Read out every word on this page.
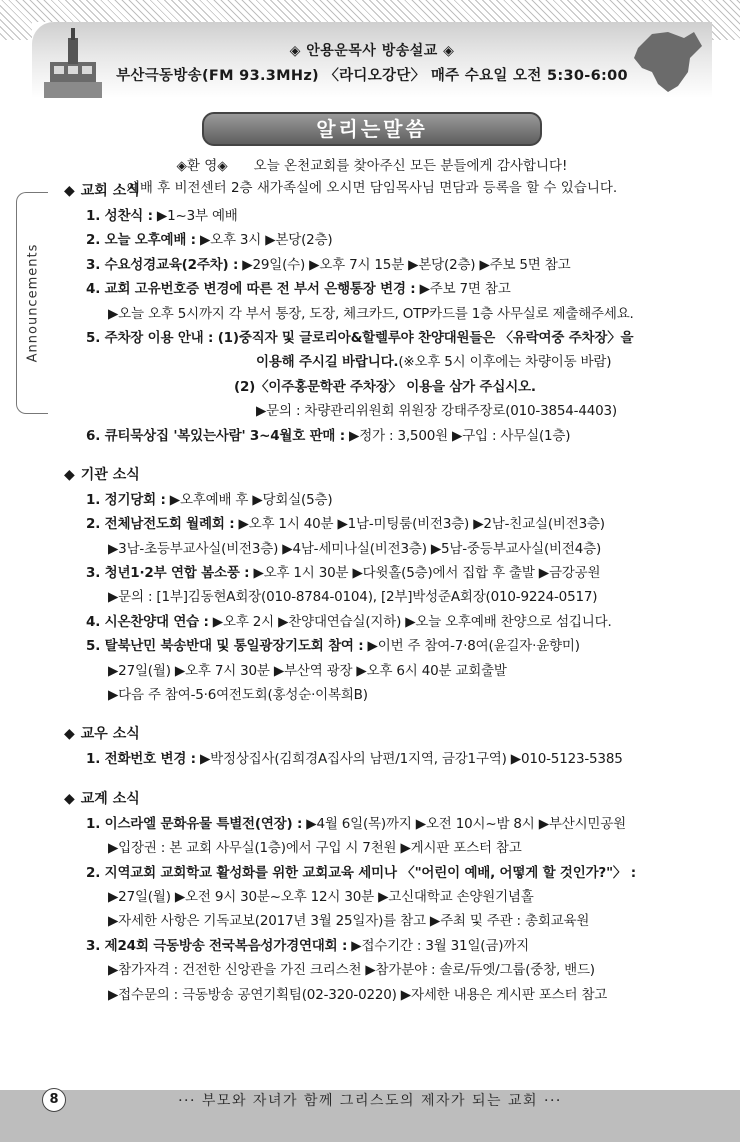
◈ 안용운목사 방송설교 ◈
부산극동방송(FM 93.3MHz) 〈라디오강단〉 매주 수요일 오전 5:30-6:00
알리는말씀
◈환 영◈ 오늘 온천교회를 찾아주신 모든 분들에게 감사합니다!
예배 후 비전센터 2층 새가족실에 오시면 담임목사님 면담과 등록을 할 수 있습니다.
Announcements
◆ 교회 소식
1. 성찬식 : ▶1~3부 예배
2. 오늘 오후예배 : ▶오후 3시 ▶본당(2층)
3. 수요성경교육(2주차) : ▶29일(수) ▶오후 7시 15분 ▶본당(2층) ▶주보 5면 참고
4. 교회 고유번호증 변경에 따른 전 부서 은행통장 변경 : ▶주보 7면 참고
▶오늘 오후 5시까지 각 부서 통장, 도장, 체크카드, OTP카드를 1층 사무실로 제출해주세요.
5. 주차장 이용 안내 : (1)중직자 및 글로리아&할렐루야 찬양대원들은 〈유락여중 주차장〉을
이용해 주시길 바랍니다.(※오후 5시 이후에는 차량이동 바람)
(2)〈이주홍문학관 주차장〉 이용을 삼가 주십시오.
▶문의 : 차량관리위원회 위원장 강태주장로(010-3854-4403)
6. 큐티묵상집 '복있는사람' 3~4월호 판매 : ▶정가 : 3,500원 ▶구입 : 사무실(1층)
◆ 기관 소식
1. 정기당회 : ▶오후예배 후 ▶당회실(5층)
2. 전체남전도회 월례회 : ▶오후 1시 40분 ▶1남-미팅룸(비전3층) ▶2남-친교실(비전3층)
▶3남-초등부교사실(비전3층) ▶4남-세미나실(비전3층) ▶5남-중등부교사실(비전4층)
3. 청년1·2부 연합 봄소풍 : ▶오후 1시 30분 ▶다윗홀(5층)에서 집합 후 출발 ▶금강공원
▶문의 : [1부]김동현A회장(010-8784-0104), [2부]박성준A회장(010-9224-0517)
4. 시온찬양대 연습 : ▶오후 2시 ▶찬양대연습실(지하) ▶오늘 오후예배 찬양으로 섬깁니다.
5. 탈북난민 북송반대 및 통일광장기도회 참여 : ▶이번 주 참여-7·8여(윤길자·윤향미)
▶27일(월) ▶오후 7시 30분 ▶부산역 광장 ▶오후 6시 40분 교회출발
▶다음 주 참여-5·6여전도회(홍성순·이복희B)
◆ 교우 소식
1. 전화번호 변경 : ▶박정상집사(김희경A집사의 남편/1지역, 금강1구역) ▶010-5123-5385
◆ 교계 소식
1. 이스라엘 문화유물 특별전(연장) : ▶4월 6일(목)까지 ▶오전 10시~밤 8시 ▶부산시민공원
▶입장권 : 본 교회 사무실(1층)에서 구입 시 7천원 ▶게시판 포스터 참고
2. 지역교회 교회학교 활성화를 위한 교회교육 세미나 〈"어린이 예배, 어떻게 할 것인가?"〉 :
▶27일(월) ▶오전 9시 30분~오후 12시 30분 ▶고신대학교 손양원기념홀
▶자세한 사항은 기독교보(2017년 3월 25일자)를 참고 ▶주최 및 주관 : 총회교육원
3. 제24회 극동방송 전국복음성가경연대회 : ▶접수기간 : 3월 31일(금)까지
▶참가자격 : 건전한 신앙관을 가진 크리스천 ▶참가분야 : 솔로/듀엣/그룹(중창, 밴드)
▶접수문의 : 극동방송 공연기획팀(02-320-0220) ▶자세한 내용은 게시판 포스터 참고
8	··· 부모와 자녀가 함께 그리스도의 제자가 되는 교회 ···
